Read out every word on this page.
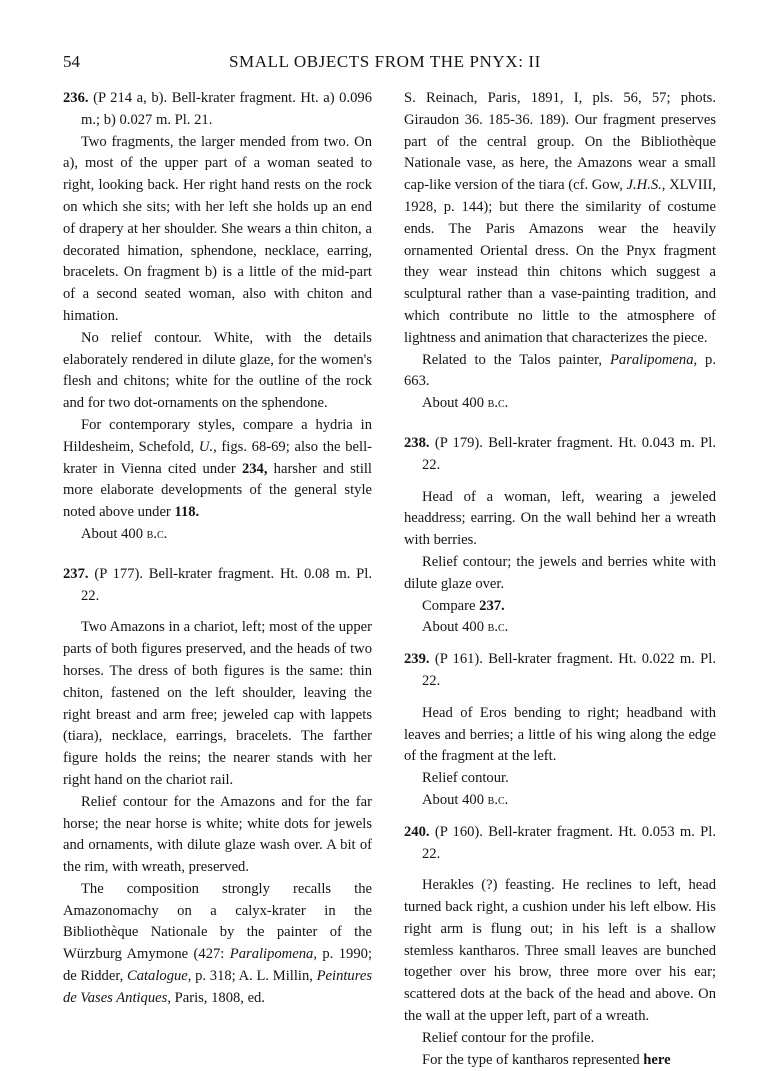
54	SMALL OBJECTS FROM THE PNYX: II

236. (P 214 a, b). Bell-krater fragment. Ht. a) 0.096 m.; b) 0.027 m. Pl. 21.

Two fragments, the larger mended from two. On a), most of the upper part of a woman seated to right, looking back. Her right hand rests on the rock on which she sits; with her left she holds up an end of drapery at her shoulder. She wears a thin chiton, a decorated himation, sphendone, necklace, earring, bracelets. On fragment b) is a little of the mid-part of a second seated woman, also with chiton and himation.

No relief contour. White, with the details elaborately rendered in dilute glaze, for the women's flesh and chitons; white for the outline of the rock and for two dot-ornaments on the sphendone.

For contemporary styles, compare a hydria in Hildesheim, Schefold, U., figs. 68-69; also the bell-krater in Vienna cited under 234, harsher and still more elaborate developments of the general style noted above under 118.

About 400 b.c.

237. (P 177). Bell-krater fragment. Ht. 0.08 m. Pl. 22.

Two Amazons in a chariot, left; most of the upper parts of both figures preserved, and the heads of two horses. The dress of both figures is the same: thin chiton, fastened on the left shoulder, leaving the right breast and arm free; jeweled cap with lappets (tiara), necklace, earrings, bracelets. The farther figure holds the reins; the nearer stands with her right hand on the chariot rail.

Relief contour for the Amazons and for the far horse; the near horse is white; white dots for jewels and ornaments, with dilute glaze wash over. A bit of the rim, with wreath, preserved.

The composition strongly recalls the Amazonomachy on a calyx-krater in the Bibliothèque Nationale by the painter of the Würzburg Amymone (427: Paralipomena, p. 1990; de Ridder, Catalogue, p. 318; A. L. Millin, Peintures de Vases Antiques, Paris, 1808, ed.

S. Reinach, Paris, 1891, I, pls. 56, 57; phots. Giraudon 36. 185-36. 189). Our fragment preserves part of the central group. On the Bibliothèque Nationale vase, as here, the Amazons wear a small cap-like version of the tiara (cf. Gow, J.H.S., XLVIII, 1928, p. 144); but there the similarity of costume ends. The Paris Amazons wear the heavily ornamented Oriental dress. On the Pnyx fragment they wear instead thin chitons which suggest a sculptural rather than a vase-painting tradition, and which contribute no little to the atmosphere of lightness and animation that characterizes the piece.

Related to the Talos painter, Paralipomena, p. 663.

About 400 b.c.

238. (P 179). Bell-krater fragment. Ht. 0.043 m. Pl. 22.

Head of a woman, left, wearing a jeweled headdress; earring. On the wall behind her a wreath with berries.

Relief contour; the jewels and berries white with dilute glaze over.

Compare 237.

About 400 b.c.

239. (P 161). Bell-krater fragment. Ht. 0.022 m. Pl. 22.

Head of Eros bending to right; headband with leaves and berries; a little of his wing along the edge of the fragment at the left.

Relief contour.

About 400 b.c.

240. (P 160). Bell-krater fragment. Ht. 0.053 m. Pl. 22.

Herakles (?) feasting. He reclines to left, head turned back right, a cushion under his left elbow. His right arm is flung out; in his left is a shallow stemless kantharos. Three small leaves are bunched together over his brow, three more over his ear; scattered dots at the back of the head and above. On the wall at the upper left, part of a wreath.

Relief contour for the profile.

For the type of kantharos represented here
